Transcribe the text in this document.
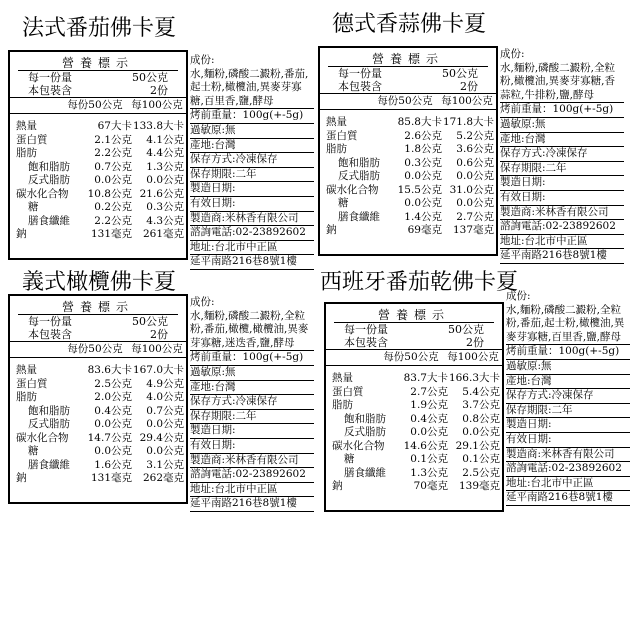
法式番茄佛卡夏
營養標示
每一份量	50公克
本包裝含	2份
每份50公克 每100公克
熱量	67大卡 133.8大卡
蛋白質	2.1公克	4.1公克
脂肪	2.2公克	4.4公克
飽和脂肪	0.7公克	1.3公克
反式脂肪	0.0公克	0.0公克
碳水化合物	10.8公克 21.6公克
糖	0.2公克	0.3公克
膳食纖維	2.2公克	4.3公克
鈉	131毫克	261毫克
成份:
水,麵粉,磷酸二澱粉,番茄,起士粉,橄欖油,異麥芽寡糖,百里香,鹽,酵母
烤前重量：100g(+-5g)
過敏原:無
產地:台灣
保存方式:冷凍保存
保存期限:二年
製造日期:
有效日期:
製造商:米林香有限公司
諮詢電話:02-23892602
地址:台北市中正區
延平南路216巷8號1樓
德式香蒜佛卡夏
營養標示
每一份量	50公克
本包裝含	2份
每份50公克 每100公克
熱量	85.8大卡 171.8大卡
蛋白質	2.6公克	5.2公克
脂肪	1.8公克	3.6公克
飽和脂肪	0.3公克	0.6公克
反式脂肪	0.0公克	0.0公克
碳水化合物	15.5公克 31.0公克
糖	0.0公克	0.0公克
膳食纖維	1.4公克	2.7公克
鈉	69毫克	137毫克
成份:
水,麵粉,磷酸二澱粉,全粒粉,橄欖油,異麥芽寡糖,香蒜粒,牛排粉,鹽,酵母
烤前重量：100g(+-5g)
過敏原:無
產地:台灣
保存方式:冷凍保存
保存期限:二年
製造日期:
有效日期:
製造商:米林香有限公司
諮詢電話:02-23892602
地址:台北市中正區
延平南路216巷8號1樓
義式橄欖佛卡夏
營養標示
每一份量	50公克
本包裝含	2份
每份50公克 每100公克
熱量	83.6大卡 167.0大卡
蛋白質	2.5公克	4.9公克
脂肪	2.0公克	4.0公克
飽和脂肪	0.4公克	0.7公克
反式脂肪	0.0公克	0.0公克
碳水化合物	14.7公克 29.4公克
糖	0.0公克	0.0公克
膳食纖維	1.6公克	3.1公克
鈉	131毫克	262毫克
成份:
水,麵粉,磷酸二澱粉,全粒粉,番茄,橄欖,橄欖油,異麥芽寡糖,迷迭香,鹽,酵母
烤前重量：100g(+-5g)
過敏原:無
產地:台灣
保存方式:冷凍保存
保存期限:二年
製造日期:
有效日期:
製造商:米林香有限公司
諮詢電話:02-23892602
地址:台北市中正區
延平南路216巷8號1樓
西班牙番茄乾佛卡夏
營養標示
每一份量	50公克
本包裝含	2份
每份50公克 每100公克
熱量	83.7大卡 166.3大卡
蛋白質	2.7公克	5.4公克
脂肪	1.9公克	3.7公克
飽和脂肪	0.4公克	0.8公克
反式脂肪	0.0公克	0.0公克
碳水化合物	14.6公克 29.1公克
糖	0.1公克	0.1公克
膳食纖維	1.3公克	2.5公克
鈉	70毫克	139毫克
成份:
水,麵粉,磷酸二澱粉,全粒粉,番茄,起士粉,橄欖油,異麥芽寡糖,百里香,鹽,酵母
烤前重量：100g(+-5g)
過敏原:無
產地:台灣
保存方式:冷凍保存
保存期限:二年
製造日期:
有效日期:
製造商:米林香有限公司
諮詢電話:02-23892602
地址:台北市中正區
延平南路216巷8號1樓
